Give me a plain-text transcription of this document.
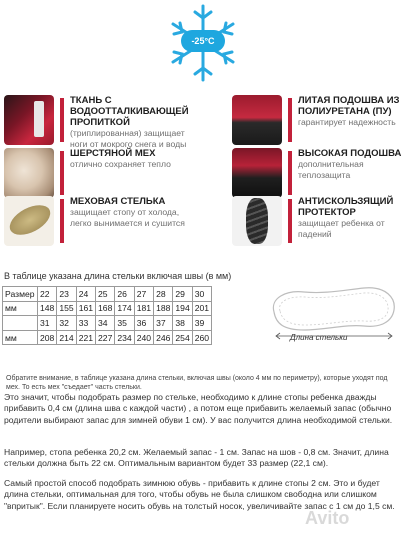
-25°C
ТКАНЬ С ВОДООТТАЛКИВАЮЩЕЙ ПРОПИТКОЙ
(триплированная) защищает ноги от мокрого снега и воды
ШЕРСТЯНОЙ МЕХ
отлично сохраняет тепло
МЕХОВАЯ СТЕЛЬКА
защищает стопу от холода, легко вынимается и сушится
ЛИТАЯ ПОДОШВА ИЗ ПОЛИУРЕТАНА (ПУ)
гарантирует надежность
ВЫСОКАЯ ПОДОШВА
дополнительная теплозащита
АНТИСКОЛЬЗЯЩИЙ ПРОТЕКТОР
защищает ребенка от падений
В таблице указана длина стельки включая швы (в мм)
Размер	22	23	24	25	26	27	28	29	30
мм	148	155	161	168	174	181	188	194	201
	31	32	33	34	35	36	37	38	39
мм	208	214	221	227	234	240	246	254	260	Длина стельки
Обратите внимание, в таблице указана длина стельки, включая швы (около 4 мм по периметру), которые уходят под мех. То есть мех "съедает" часть стельки.
Это значит, чтобы подобрать размер по стельке, необходимо к длине стопы ребенка дважды прибавить 0,4 см (длина шва с каждой части) , а потом еще прибавить желаемый запас (обычно родители выбирают запас для зимней обуви 1 см). У вас получится длина необходимой стельки.
Например, стопа ребенка 20,2 см. Желаемый запас - 1 см. Запас на шов - 0,8 см. Значит, длина стельки должна быть 22 см. Оптимальным вариантом будет 33 размер (22,1 см).
Самый простой способ подобрать зимнюю обувь - прибавить к длине стопы 2 см. Это и будет длина стельки, оптимальная для того, чтобы обувь не была слишком свободна или слишком "впритык". Если планируете носить обувь на толстый носок, увеличивайте запас с 1 см до 1,5 см.
Avito
